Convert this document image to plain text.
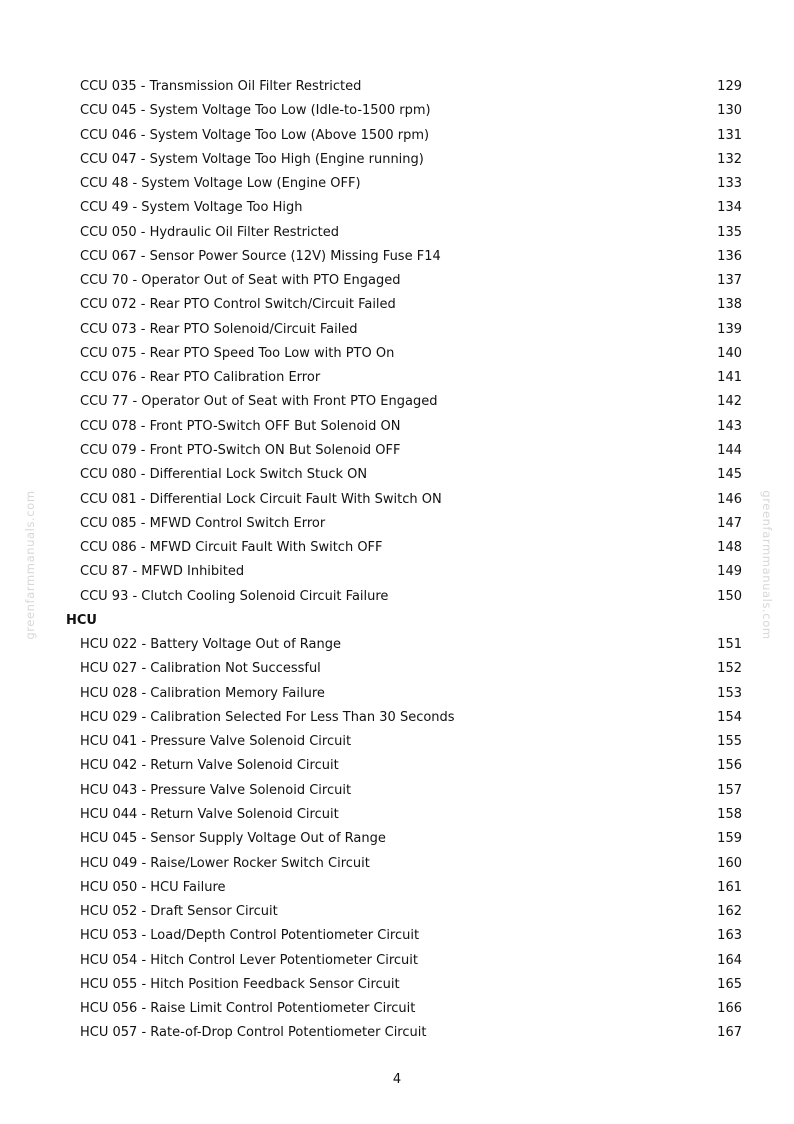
greenfarmmanuals.com	greenfarmmanuals.com
CCU 035 - Transmission Oil Filter Restricted	129
CCU 045 - System Voltage Too Low (Idle-to-1500 rpm)	130
CCU 046 - System Voltage Too Low (Above 1500 rpm)	131
CCU 047 - System Voltage Too High (Engine running)	132
CCU 48 - System Voltage Low (Engine OFF)	133
CCU 49 - System Voltage Too High	134
CCU 050 - Hydraulic Oil Filter Restricted	135
CCU 067 - Sensor Power Source (12V) Missing Fuse F14	136
CCU 70 - Operator Out of Seat with PTO Engaged	137
CCU 072 - Rear PTO Control Switch/Circuit Failed	138
CCU 073 - Rear PTO Solenoid/Circuit Failed	139
CCU 075 - Rear PTO Speed Too Low with PTO On	140
CCU 076 - Rear PTO Calibration Error	141
CCU 77 - Operator Out of Seat with Front PTO Engaged	142
CCU 078 - Front PTO-Switch OFF But Solenoid ON	143
CCU 079 - Front PTO-Switch ON But Solenoid OFF	144
CCU 080 - Differential Lock Switch Stuck ON	145
CCU 081 - Differential Lock Circuit Fault With Switch ON	146
CCU 085 - MFWD Control Switch Error	147
CCU 086 - MFWD Circuit Fault With Switch OFF	148
CCU 87 - MFWD Inhibited	149
CCU 93 - Clutch Cooling Solenoid Circuit Failure	150
HCU
HCU 022 - Battery Voltage Out of Range	151
HCU 027 - Calibration Not Successful	152
HCU 028 - Calibration Memory Failure	153
HCU 029 - Calibration Selected For Less Than 30 Seconds	154
HCU 041 - Pressure Valve Solenoid Circuit	155
HCU 042 - Return Valve Solenoid Circuit	156
HCU 043 - Pressure Valve Solenoid Circuit	157
HCU 044 - Return Valve Solenoid Circuit	158
HCU 045 - Sensor Supply Voltage Out of Range	159
HCU 049 - Raise/Lower Rocker Switch Circuit	160
HCU 050 - HCU Failure	161
HCU 052 - Draft Sensor Circuit	162
HCU 053 - Load/Depth Control Potentiometer Circuit	163
HCU 054 - Hitch Control Lever Potentiometer Circuit	164
HCU 055 - Hitch Position Feedback Sensor Circuit	165
HCU 056 - Raise Limit Control Potentiometer Circuit	166
HCU 057 - Rate-of-Drop Control Potentiometer Circuit	167
4
